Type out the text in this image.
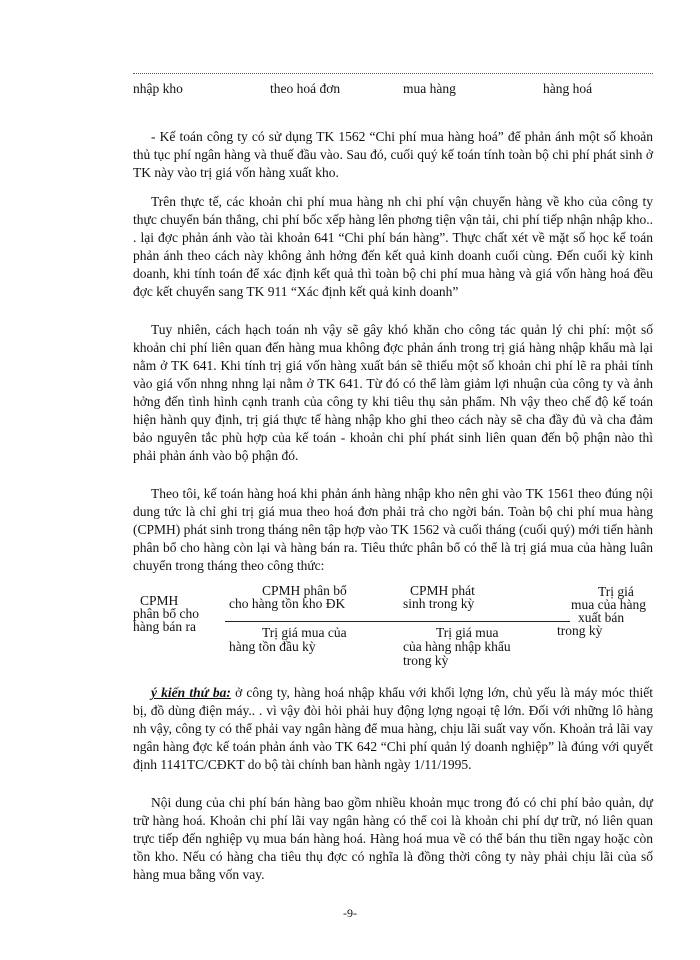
nhập kho	theo hoá đơn	mua hàng	hàng hoá

- Kế toán công ty có sử dụng TK 1562 “Chi phí mua hàng hoá” để phản ánh một số khoản thủ tục phí ngân hàng và thuế đầu vào. Sau đó, cuối quý kế toán tính toàn bộ chi phí phát sinh ở TK này vào trị giá vốn hàng xuất kho.

Trên thực tế, các khoản chi phí mua hàng nh chi phí vận chuyển hàng về kho của công ty thực chuyển bán thẳng, chi phí bốc xếp hàng lên phơng tiện vận tải, chi phí tiếp nhận nhập kho.. . lại đợc phản ánh vào tài khoản 641 “Chi phí bán hàng”. Thực chất xét về mặt số học kế toán phản ánh theo cách này không ảnh hởng đến kết quả kinh doanh cuối cùng. Đến cuối kỳ kinh doanh, khi tính toán để xác định kết quả thì toàn bộ chi phí mua hàng và giá vốn hàng hoá đều đợc kết chuyển sang TK 911 “Xác định kết quả kinh doanh”

Tuy nhiên, cách hạch toán nh vậy sẽ gây khó khăn cho công tác quản lý chi phí: một số khoản chi phí liên quan đến hàng mua không đợc phản ánh trong trị giá hàng nhập khẩu mà lại nằm ở TK 641. Khi tính trị giá vốn hàng xuất bán sẽ thiếu một số khoản chi phí lẽ ra phải tính vào giá vốn nhng nhng lại nằm ở TK 641. Từ đó có thể làm giảm lợi nhuận của công ty và ảnh hởng đến tình hình cạnh tranh của công ty khi tiêu thụ sản phẩm. Nh vậy theo chế độ kế toán hiện hành quy định, trị giá thực tế hàng nhập kho ghi theo cách này sẽ cha đầy đủ và cha đảm bảo nguyên tắc phù hợp của kế toán - khoản chi phí phát sinh liên quan đến bộ phận nào thì phải phản ánh vào bộ phận đó.

Theo tôi, kế toán hàng hoá khi phản ánh hàng nhập kho nên ghi vào TK 1561 theo đúng nội dung tức là chỉ ghi trị giá mua theo hoá đơn phải trả cho ngời bán. Toàn bộ chi phí mua hàng (CPMH) phát sinh trong tháng nên tập hợp vào TK 1562 và cuối tháng (cuối quý) mới tiến hành phân bổ cho hàng còn lại và hàng bán ra. Tiêu thức phân bổ có thể là trị giá mua của hàng luân chuyển trong tháng theo công thức:

CPMH
phân bổ cho
hàng bán ra
CPMH phân bổ
cho hàng tồn kho ĐK
CPMH phát
sinh trong kỳ
Trị giá
mua của hàng
xuất bán
trong kỳ
Trị giá mua của
hàng tồn đầu kỳ
Trị giá mua
của hàng nhập khẩu
trong kỳ

ý kiến thứ ba: ở công ty, hàng hoá nhập khẩu với khối lợng lớn, chủ yếu là máy móc thiết bị, đồ dùng điện máy.. . vì vậy đòi hỏi phải huy động lợng ngoại tệ lớn. Đối với những lô hàng nh vậy, công ty có thể phải vay ngân hàng để mua hàng, chịu lãi suất vay vốn. Khoản trả lãi vay ngân hàng đợc kế toán phản ánh vào TK 642 “Chi phí quản lý doanh nghiệp” là đúng với quyết định 1141TC/CĐKT do bộ tài chính ban hành ngày 1/11/1995.

Nội dung của chi phí bán hàng bao gồm nhiều khoản mục trong đó có chi phí bảo quản, dự trữ hàng hoá. Khoản chi phí lãi vay ngân hàng có thể coi là khoản chi phí dự trữ, nó liên quan trực tiếp đến nghiệp vụ mua bán hàng hoá. Hàng hoá mua về có thể bán thu tiền ngay hoặc còn tồn kho. Nếu có hàng cha tiêu thụ đợc có nghĩa là đồng thời công ty này phải chịu lãi của số hàng mua bằng vốn vay.

-9-
